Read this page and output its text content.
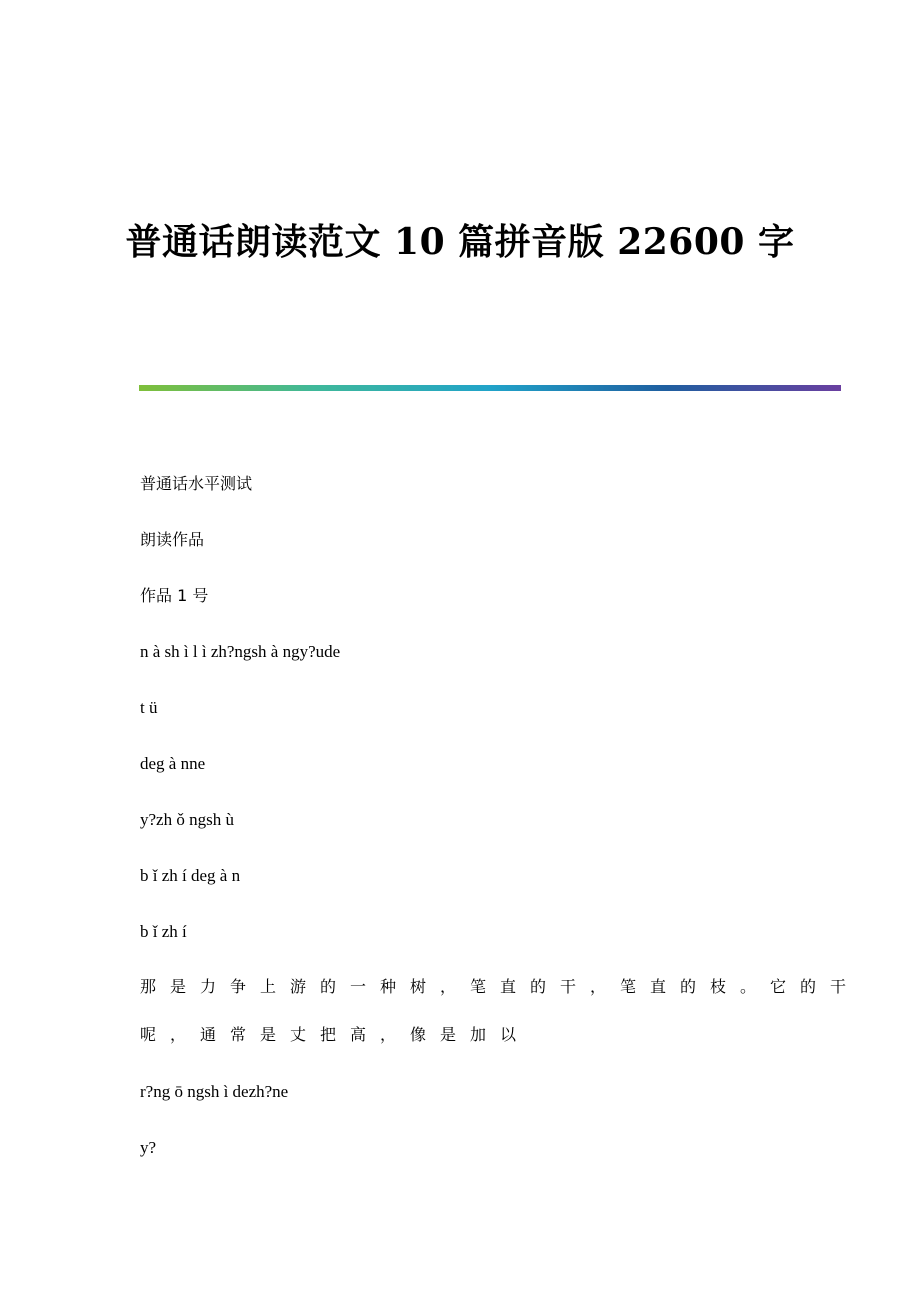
普通话朗读范文 10 篇拼音版 22600 字

普通话水平测试

朗读作品

作品 1 号

n à sh ì l ì zh?ngsh à ngy?ude

t ü

deg à nne

y?zh ǒ ngsh ù

b ǐ zh í deg à n

b ǐ zh í

那是力争上游的一种树，笔直的干，笔直的枝。它的干

呢，通常是丈把高，像是加以

r?ng ō ngsh ì dezh?ne

y?
